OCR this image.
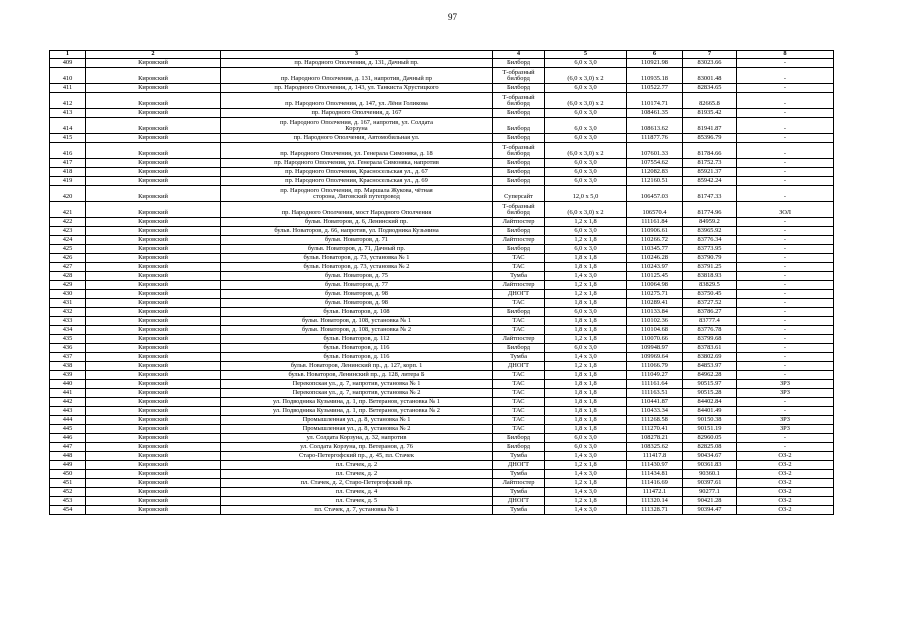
97
1	2	3	4	5	6	7	8
409	Кировский	пр. Народного Ополчения, д. 131, Дачный пр.	Билборд	6,0 x 3,0	110921.98	83023.66	-
410	Кировский	пр. Народного Ополчения, д. 131, напротив, Дачный пр	Т-образный
билборд	(6,0 x 3,0) x 2	110935.18	83001.48	-
411	Кировский	пр. Народного Ополчения, д. 143, ул. Танкиста Хрустицкого	Билборд	6,0 x 3,0	110522.77	82834.65	-
412	Кировский	пр. Народного Ополчения, д. 147, ул. Лёни Голикова	Т-образный
билборд	(6,0 x 3,0) x 2	110174.71	82665.8	-
413	Кировский	пр. Народного Ополчения, д. 167	Билборд	6,0 x 3,0	108461.35	81935.42	-
414	Кировский	пр. Народного Ополчения, д. 167, напротив, ул. Солдата
Корзуна	Билборд	6,0 x 3,0	108613.62	81941.87	-
415	Кировский	пр. Народного Ополчения, Автомобильная ул.	Билборд	6,0 x 3,0	111877.76	85396.79	-
416	Кировский	пр. Народного Ополчения, ул. Генерала Симоняка, д. 18	Т-образный
билборд	(6,0 x 3,0) x 2	107601.33	81784.66	-
417	Кировский	пр. Народного Ополчения, ул. Генерала Симоняка, напротив	Билборд	6,0 x 3,0	107554.62	81752.73	-
418	Кировский	пр. Народного Ополчения, Красносельская ул., д. 67	Билборд	6,0 x 3,0	112082.83	85921.37	-
419	Кировский	пр. Народного Ополчения, Красносельская ул., д. 69	Билборд	6,0 x 3,0	112160.51	85942.24	-
420	Кировский	пр. Народного Ополчения, пр. Маршала Жукова, чётная
сторона, Лиговский путепровод	Суперсайт	12,0 x 5,0	106457.03	81747.33	-
421	Кировский	пр. Народного Ополчения, мост Народного Ополчения	Т-образный
билборд	(6,0 x 3,0) x 2	106570.4	81774.96	ЗОЛ
422	Кировский	бульв. Новаторов, д. 6, Ленинский пр.	Лайтпостер	1,2 x 1,8	111161.84	84959.2	-
423	Кировский	бульв. Новаторов, д. 66, напротив, ул. Подводника Кузьмина	Билборд	6,0 x 3,0	110906.61	83965.92	-
424	Кировский	бульв. Новаторов, д. 71	Лайтпостер	1,2 x 1,8	110266.72	83776.34	-
425	Кировский	бульв. Новаторов, д. 71, Дачный пр.	Билборд	6,0 x 3,0	110345.77	83773.95	-
426	Кировский	бульв. Новаторов, д. 73, установка № 1	ТАС	1,8 x 1,8	110246.28	83790.79	-
427	Кировский	бульв. Новаторов, д. 73, установка № 2	ТАС	1,8 x 1,8	110243.97	83791.25	-
428	Кировский	бульв. Новаторов, д. 75	Тумба	1,4 x 3,0	110125.45	83818.93	-
429	Кировский	бульв. Новаторов, д. 77	Лайтпостер	1,2 x 1,8	110064.98	83829.5	-
430	Кировский	бульв. Новаторов, д. 98	ДНОГТ	1,2 x 1,8	110275.71	83750.45	-
431	Кировский	бульв. Новаторов, д. 98	ТАС	1,8 x 1,8	110289.41	83727.52	-
432	Кировский	бульв. Новаторов, д. 108	Билборд	6,0 x 3,0	110133.84	83786.27	-
433	Кировский	бульв. Новаторов, д. 108, установка № 1	ТАС	1,8 x 1,8	110102.36	83777.4	-
434	Кировский	бульв. Новаторов, д. 108, установка № 2	ТАС	1,8 x 1,8	110104.68	83776.78	-
435	Кировский	бульв. Новаторов, д. 112	Лайтпостер	1,2 x 1,8	110070.66	83799.68	-
436	Кировский	бульв. Новаторов, д. 116	Билборд	6,0 x 3,0	109948.97	83783.61	-
437	Кировский	бульв. Новаторов, д. 116	Тумба	1,4 x 3,0	109969.64	83802.69	-
438	Кировский	бульв. Новаторов, Ленинский пр., д. 127, корп. 1	ДНОГТ	1,2 x 1,8	111066.79	84853.97	-
439	Кировский	бульв. Новаторов, Ленинский пр., д. 128, литера Б	ТАС	1,8 x 1,8	111049.27	84962.28	-
440	Кировский	Перекопская ул., д. 7, напротив, установка № 1	ТАС	1,8 x 1,8	111161.64	90515.97	ЗРЗ
441	Кировский	Перекопская ул., д. 7, напротив, установка № 2	ТАС	1,8 x 1,8	111163.51	90515.28	ЗРЗ
442	Кировский	ул. Подводника Кузьмина, д. 1, пр. Ветеранов, установка № 1	ТАС	1,8 x 1,8	110441.87	84402.84	-
443	Кировский	ул. Подводника Кузьмина, д. 1, пр. Ветеранов, установка № 2	ТАС	1,8 x 1,8	110433.34	84401.49	-
444	Кировский	Промышленная ул., д. 8, установка № 1	ТАС	1,8 x 1,8	111268.58	90150.38	ЗРЗ
445	Кировский	Промышленная ул., д. 8, установка № 2	ТАС	1,8 x 1,8	111270.41	90151.19	ЗРЗ
446	Кировский	ул. Солдата Корзуна, д. 32, напротив	Билборд	6,0 x 3,0	108278.21	82960.05	-
447	Кировский	ул. Солдата Корзуна, пр. Ветеранов, д. 76	Билборд	6,0 x 3,0	108325.62	82825.08	-
448	Кировский	Старо-Петергофский пр., д. 45, пл. Стачек	Тумба	1,4 x 3,0	111417.8	90434.67	ОЗ-2
449	Кировский	пл. Стачек, д. 2	ДНОГТ	1,2 x 1,8	111430.97	90361.83	ОЗ-2
450	Кировский	пл. Стачек, д. 2	Тумба	1,4 x 3,0	111434.81	90360.1	ОЗ-2
451	Кировский	пл. Стачек, д. 2, Старо-Петергофский пр.	Лайтпостер	1,2 x 1,8	111416.69	90397.61	ОЗ-2
452	Кировский	пл. Стачек, д. 4	Тумба	1,4 x 3,0	111472.1	90277.1	ОЗ-2
453	Кировский	пл. Стачек, д. 5	ДНОГТ	1,2 x 1,8	111320.14	90421.28	ОЗ-2
454	Кировский	пл. Стачек, д. 7, установка № 1	Тумба	1,4 x 3,0	111328.71	90394.47	ОЗ-2
